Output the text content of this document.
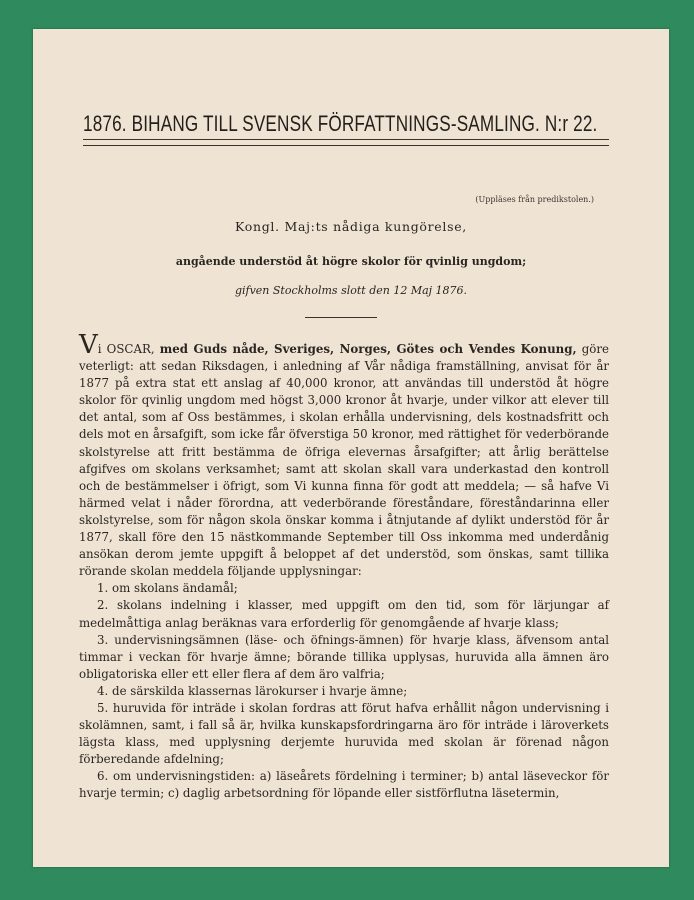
1876. BIHANG TILL SVENSK FÖRFATTNINGS-SAMLING. N:r 22.
(Uppläses från predikstolen.)
Kongl. Maj:ts nådiga kungörelse,
angående understöd åt högre skolor för qvinlig ungdom;
gifven Stockholms slott den 12 Maj 1876.

Vi OSCAR, med Guds nåde, Sveriges, Norges, Götes och Vendes Konung, göre veterligt: att sedan Riksdagen, i anledning af Vår nådiga framställning, anvisat för år 1877 på extra stat ett anslag af 40,000 kronor, att användas till understöd åt högre skolor för qvinlig ungdom med högst 3,000 kronor åt hvarje, under vilkor att elever till det antal, som af Oss bestämmes, i skolan erhålla undervisning, dels kostnadsfritt och dels mot en årsafgift, som icke får öfverstiga 50 kronor, med rättighet för vederbörande skolstyrelse att fritt bestämma de öfriga elevernas årsafgifter; att årlig berättelse afgifves om skolans verksamhet; samt att skolan skall vara underkastad den kontroll och de bestämmelser i öfrigt, som Vi kunna finna för godt att meddela; — så hafve Vi härmed velat i nåder förordna, att vederbörande föreståndare, föreståndarinna eller skolstyrelse, som för någon skola önskar komma i åtnjutande af dylikt understöd för år 1877, skall före den 15 nästkommande September till Oss inkomma med underdånig ansökan derom jemte uppgift å beloppet af det understöd, som önskas, samt tillika rörande skolan meddela följande upplysningar:

1. om skolans ändamål;
2. skolans indelning i klasser, med uppgift om den tid, som för lärjungar af medelmåttiga anlag beräknas vara erforderlig för genomgående af hvarje klass;
3. undervisningsämnen (läse- och öfnings-ämnen) för hvarje klass, äfvensom antal timmar i veckan för hvarje ämne; börande tillika upplysas, huruvida alla ämnen äro obligatoriska eller ett eller flera af dem äro valfria;
4. de särskilda klassernas lärokurser i hvarje ämne;
5. huruvida för inträde i skolan fordras att förut hafva erhållit någon undervisning i skolämnen, samt, i fall så är, hvilka kunskapsfordringarna äro för inträde i läroverkets lägsta klass, med upplysning derjemte huruvida med skolan är förenad någon förberedande afdelning;
6. om undervisningstiden: a) läseårets fördelning i terminer; b) antal läseveckor för hvarje termin; c) daglig arbetsordning för löpande eller sistförflutna läsetermin,
